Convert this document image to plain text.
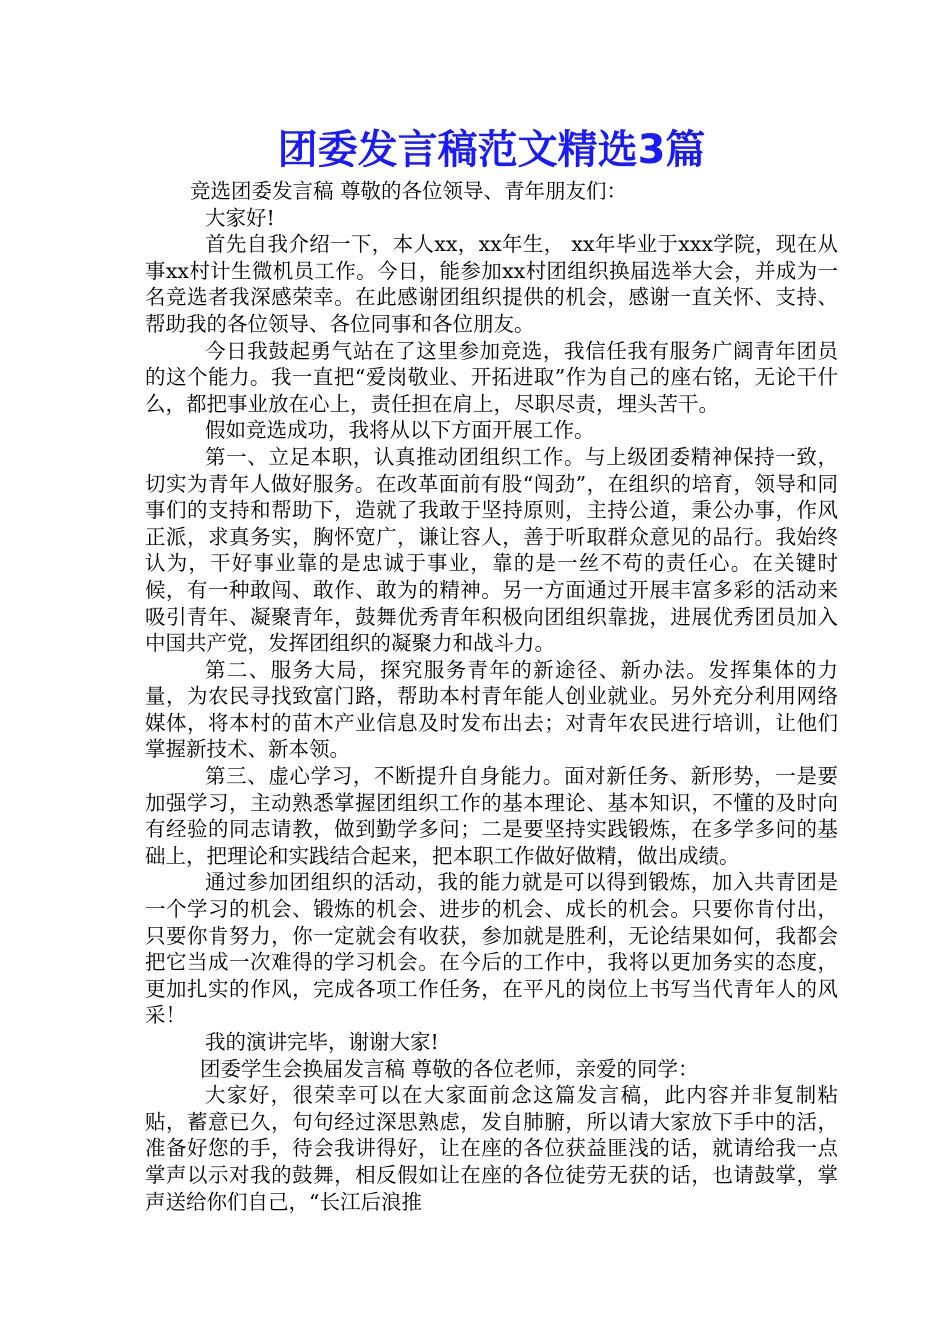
团委发言稿范文精选3篇

竞选团委发言稿 尊敬的各位领导、青年朋友们：

大家好!

首先自我介绍一下，本人xx，xx年生， xx年毕业于xxx学院，现在从事xx村计生微机员工作。今日，能参加xx村团组织换届选举大会，并成为一名竞选者我深感荣幸。在此感谢团组织提供的机会，感谢一直关怀、支持、帮助我的各位领导、各位同事和各位朋友。

今日我鼓起勇气站在了这里参加竞选，我信任我有服务广阔青年团员的这个能力。我一直把“爱岗敬业、开拓进取”作为自己的座右铭，无论干什么，都把事业放在心上，责任担在肩上，尽职尽责，埋头苦干。

假如竞选成功，我将从以下方面开展工作。

第一、立足本职，认真推动团组织工作。与上级团委精神保持一致，切实为青年人做好服务。在改革面前有股“闯劲”，在组织的培育，领导和同事们的支持和帮助下，造就了我敢于坚持原则，主持公道，秉公办事，作风正派，求真务实，胸怀宽广，谦让容人，善于听取群众意见的品行。我始终认为，干好事业靠的是忠诚于事业，靠的是一丝不苟的责任心。在关键时候，有一种敢闯、敢作、敢为的精神。另一方面通过开展丰富多彩的活动来吸引青年、凝聚青年，鼓舞优秀青年积极向团组织靠拢，进展优秀团员加入中国共产党，发挥团组织的凝聚力和战斗力。

第二、服务大局，探究服务青年的新途径、新办法。发挥集体的力量，为农民寻找致富门路，帮助本村青年能人创业就业。另外充分利用网络媒体，将本村的苗木产业信息及时发布出去；对青年农民进行培训，让他们掌握新技术、新本领。

第三、虚心学习，不断提升自身能力。面对新任务、新形势，一是要加强学习，主动熟悉掌握团组织工作的基本理论、基本知识，不懂的及时向有经验的同志请教，做到勤学多问；二是要坚持实践锻炼，在多学多问的基础上，把理论和实践结合起来，把本职工作做好做精，做出成绩。

通过参加团组织的活动，我的能力就是可以得到锻炼，加入共青团是一个学习的机会、锻炼的机会、进步的机会、成长的机会。只要你肯付出，只要你肯努力，你一定就会有收获，参加就是胜利，无论结果如何，我都会把它当成一次难得的学习机会。在今后的工作中，我将以更加务实的态度，更加扎实的作风，完成各项工作任务，在平凡的岗位上书写当代青年人的风采！

我的演讲完毕，谢谢大家!

团委学生会换届发言稿 尊敬的各位老师，亲爱的同学：

大家好，很荣幸可以在大家面前念这篇发言稿，此内容并非复制粘贴，蓄意已久，句句经过深思熟虑，发自肺腑，所以请大家放下手中的活，准备好您的手，待会我讲得好，让在座的各位获益匪浅的话，就请给我一点掌声以示对我的鼓舞，相反假如让在座的各位徒劳无获的话，也请鼓掌，掌声送给你们自己，“长江后浪推
